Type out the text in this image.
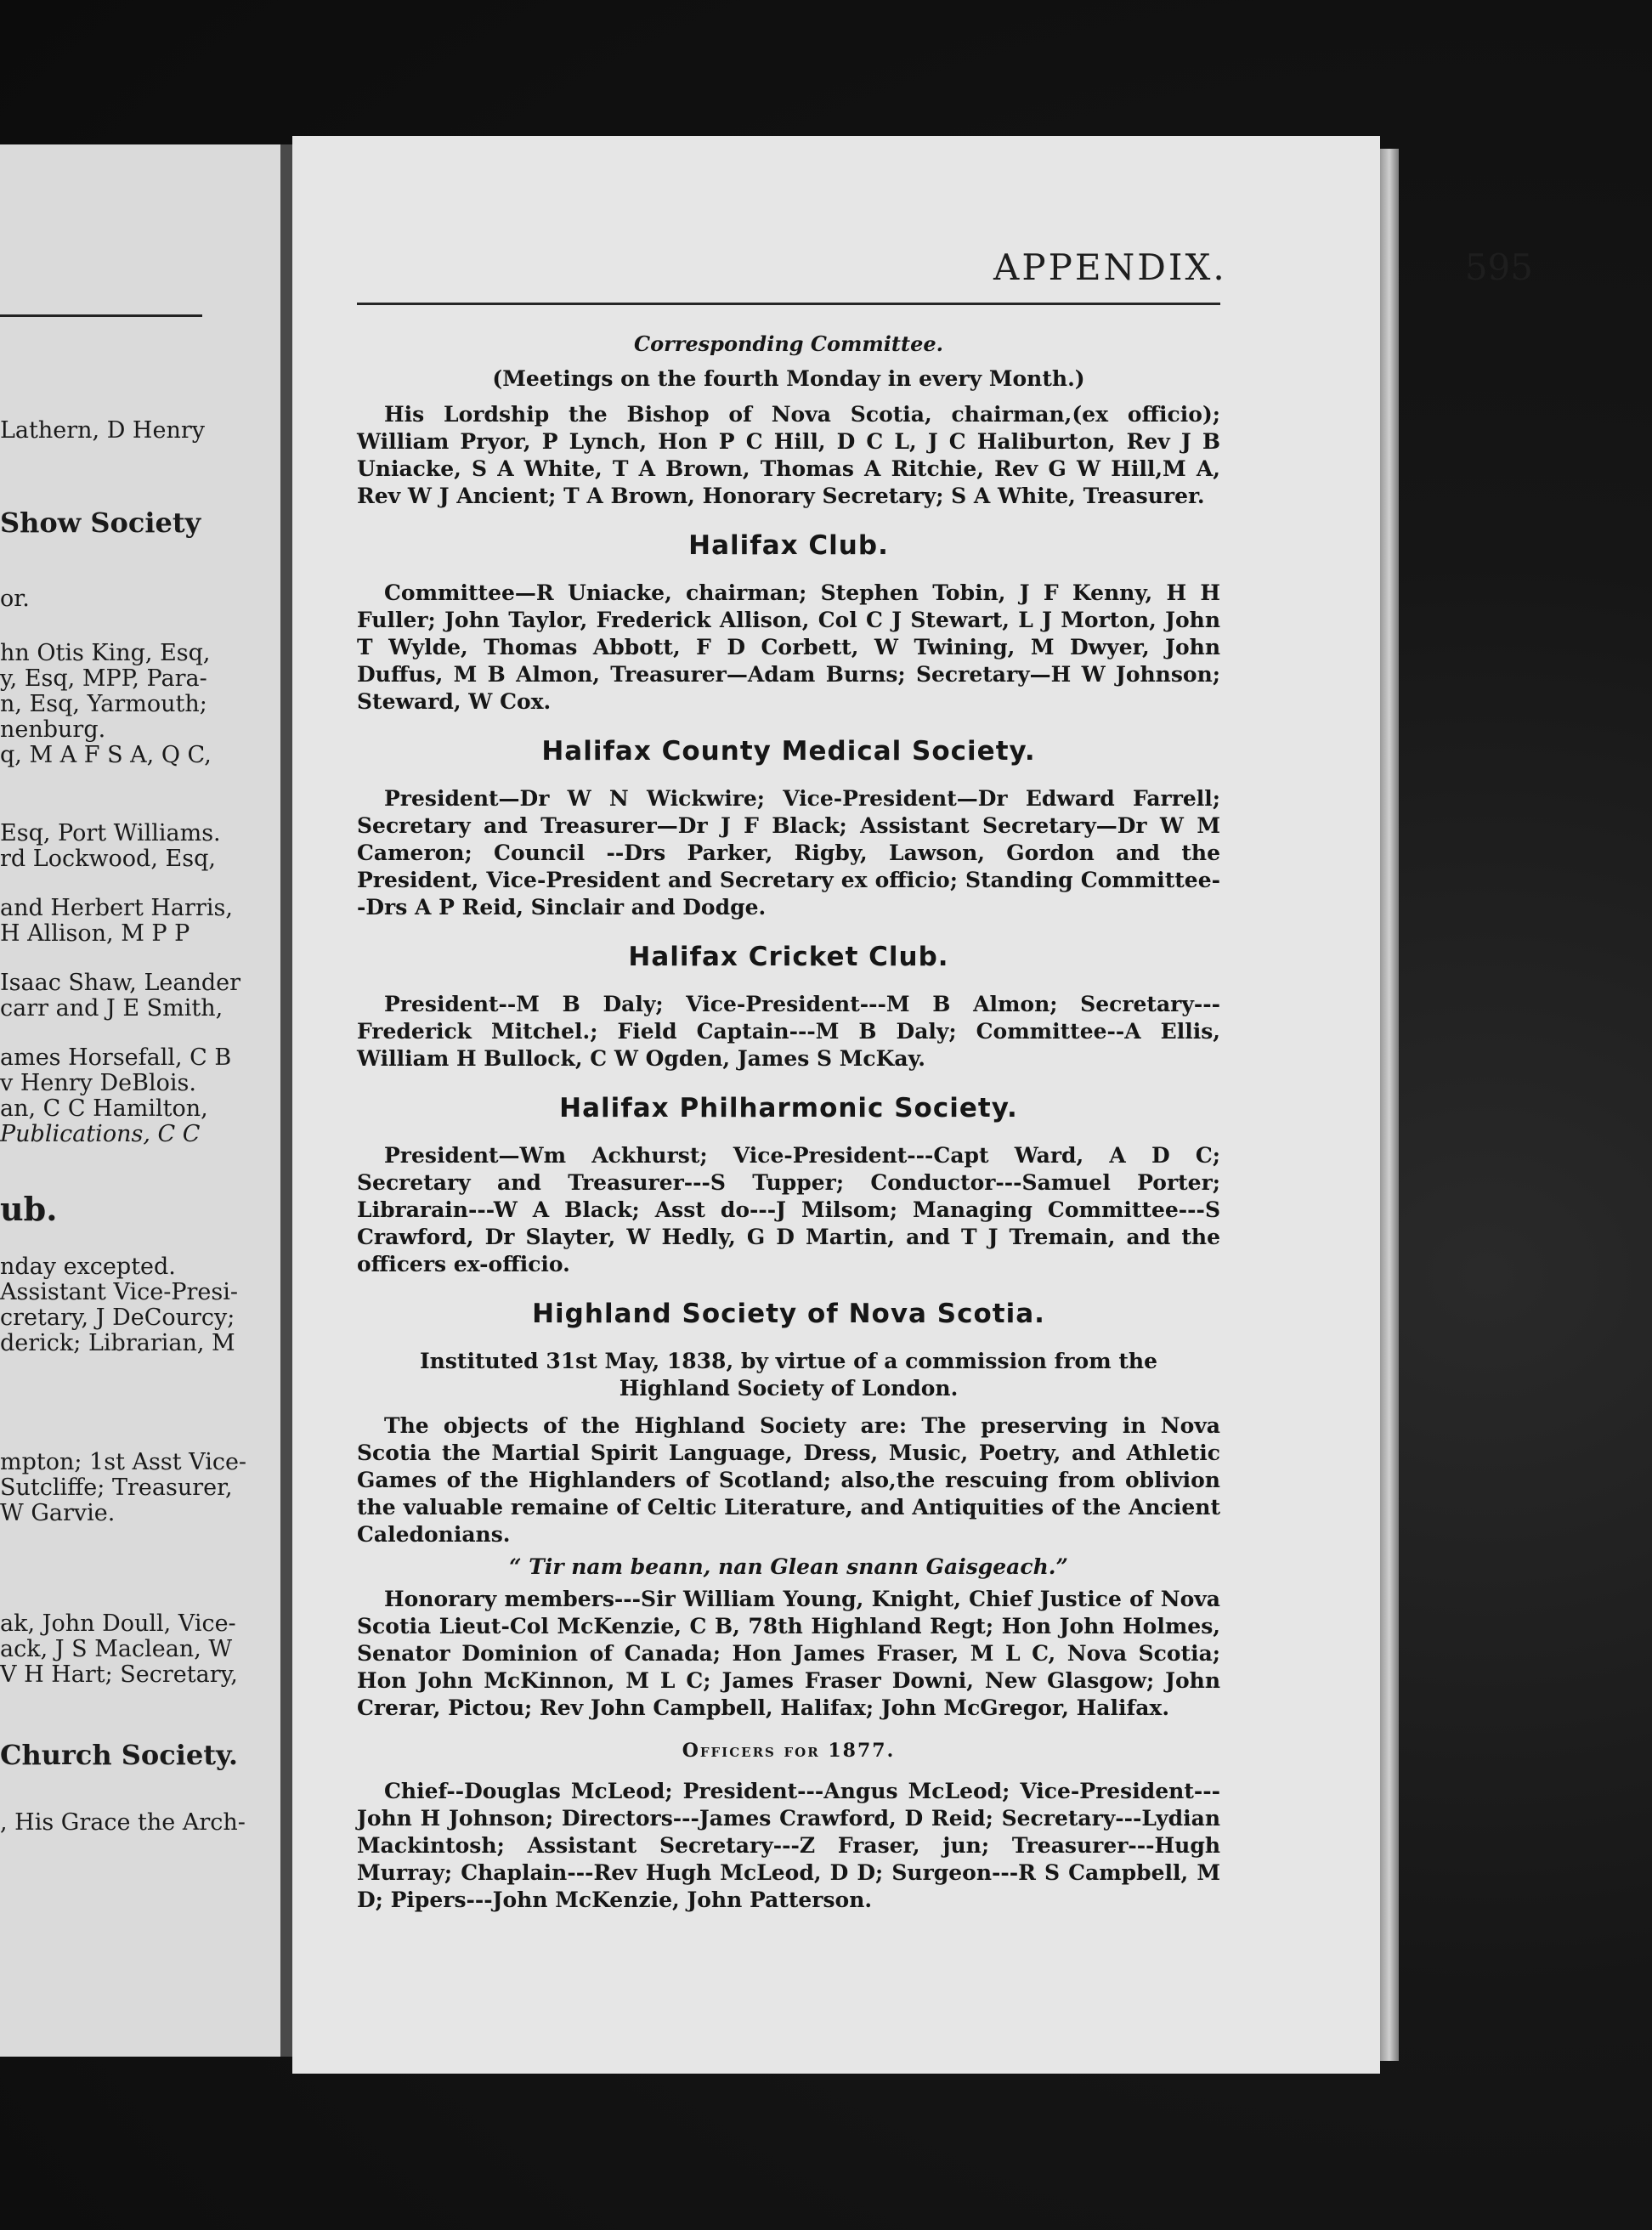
Lathern, D Henry
Show Society
or.
hn Otis King, Esq,
y, Esq, MPP, Para-
n, Esq, Yarmouth;
nenburg.
q, M A F S A, Q C,
Esq, Port Williams.
rd Lockwood, Esq,
and Herbert Harris,
H Allison, M P P
Isaac Shaw, Leander
carr and J E Smith,
ames Horsefall, C B
v Henry DeBlois.
an, C C Hamilton,
Publications, C C
ub.
nday excepted.
Assistant Vice-Presi-
cretary, J DeCourcy;
derick; Librarian, M
mpton; 1st Asst Vice-
Sutcliffe; Treasurer,
W Garvie.
ak, John Doull, Vice-
ack, J S Maclean, W
V H Hart; Secretary,
Church Society.
, His Grace the Arch-
APPENDIX.	595
Corresponding Committee.
(Meetings on the fourth Monday in every Month.)

His Lordship the Bishop of Nova Scotia, chairman,(ex officio); William Pryor, P Lynch, Hon P C Hill, D C L, J C Haliburton, Rev J B Uniacke, S A White, T A Brown, Thomas A Ritchie, Rev G W Hill,M A, Rev W J Ancient; T A Brown, Honorary Secretary; S A White, Treasurer.

Halifax Club.

Committee—R Uniacke, chairman; Stephen Tobin, J F Kenny, H H Fuller; John Taylor, Frederick Allison, Col C J Stewart, L J Morton, John T Wylde, Thomas Abbott, F D Corbett, W Twining, M Dwyer, John Duffus, M B Almon, Treasurer—Adam Burns; Secretary—H W Johnson; Steward, W Cox.

Halifax County Medical Society.

President—Dr W N Wickwire; Vice-President—Dr Edward Farrell; Secretary and Treasurer—Dr J F Black; Assistant Secretary—Dr W M Cameron; Council --Drs Parker, Rigby, Lawson, Gordon and the President, Vice-President and Secretary ex officio; Standing Committee--Drs A P Reid, Sinclair and Dodge.

Halifax Cricket Club.

President--M B Daly; Vice-President---M B Almon; Secretary---Frederick Mitchel.; Field Captain---M B Daly; Committee--A Ellis, William H Bullock, C W Ogden, James S McKay.

Halifax Philharmonic Society.

President—Wm Ackhurst; Vice-President---Capt Ward, A D C; Secretary and Treasurer---S Tupper; Conductor---Samuel Porter; Librarain---W A Black; Asst do---J Milsom; Managing Committee---S Crawford, Dr Slayter, W Hedly, G D Martin, and T J Tremain, and the officers ex-officio.

Highland Society of Nova Scotia.
Instituted 31st May, 1838, by virtue of a commission from the Highland Society of London.

The objects of the Highland Society are: The preserving in Nova Scotia the Martial Spirit Language, Dress, Music, Poetry, and Athletic Games of the Highlanders of Scotland; also,the rescuing from oblivion the valuable remaine of Celtic Literature, and Antiquities of the Ancient Caledonians.

“ Tir nam beann, nan Glean snann Gaisgeach.”

Honorary members---Sir William Young, Knight, Chief Justice of Nova Scotia Lieut-Col McKenzie, C B, 78th Highland Regt; Hon John Holmes, Senator Dominion of Canada; Hon James Fraser, M L C, Nova Scotia; Hon John McKinnon, M L C; James Fraser Downi, New Glasgow; John Crerar, Pictou; Rev John Campbell, Halifax; John McGregor, Halifax.

Officers for 1877.

Chief--Douglas McLeod; President---Angus McLeod; Vice-President---John H Johnson; Directors---James Crawford, D Reid; Secretary---Lydian Mackintosh; Assistant Secretary---Z Fraser, jun; Treasurer---Hugh Murray; Chaplain---Rev Hugh McLeod, D D; Surgeon---R S Campbell, M D; Pipers---John McKenzie, John Patterson.
